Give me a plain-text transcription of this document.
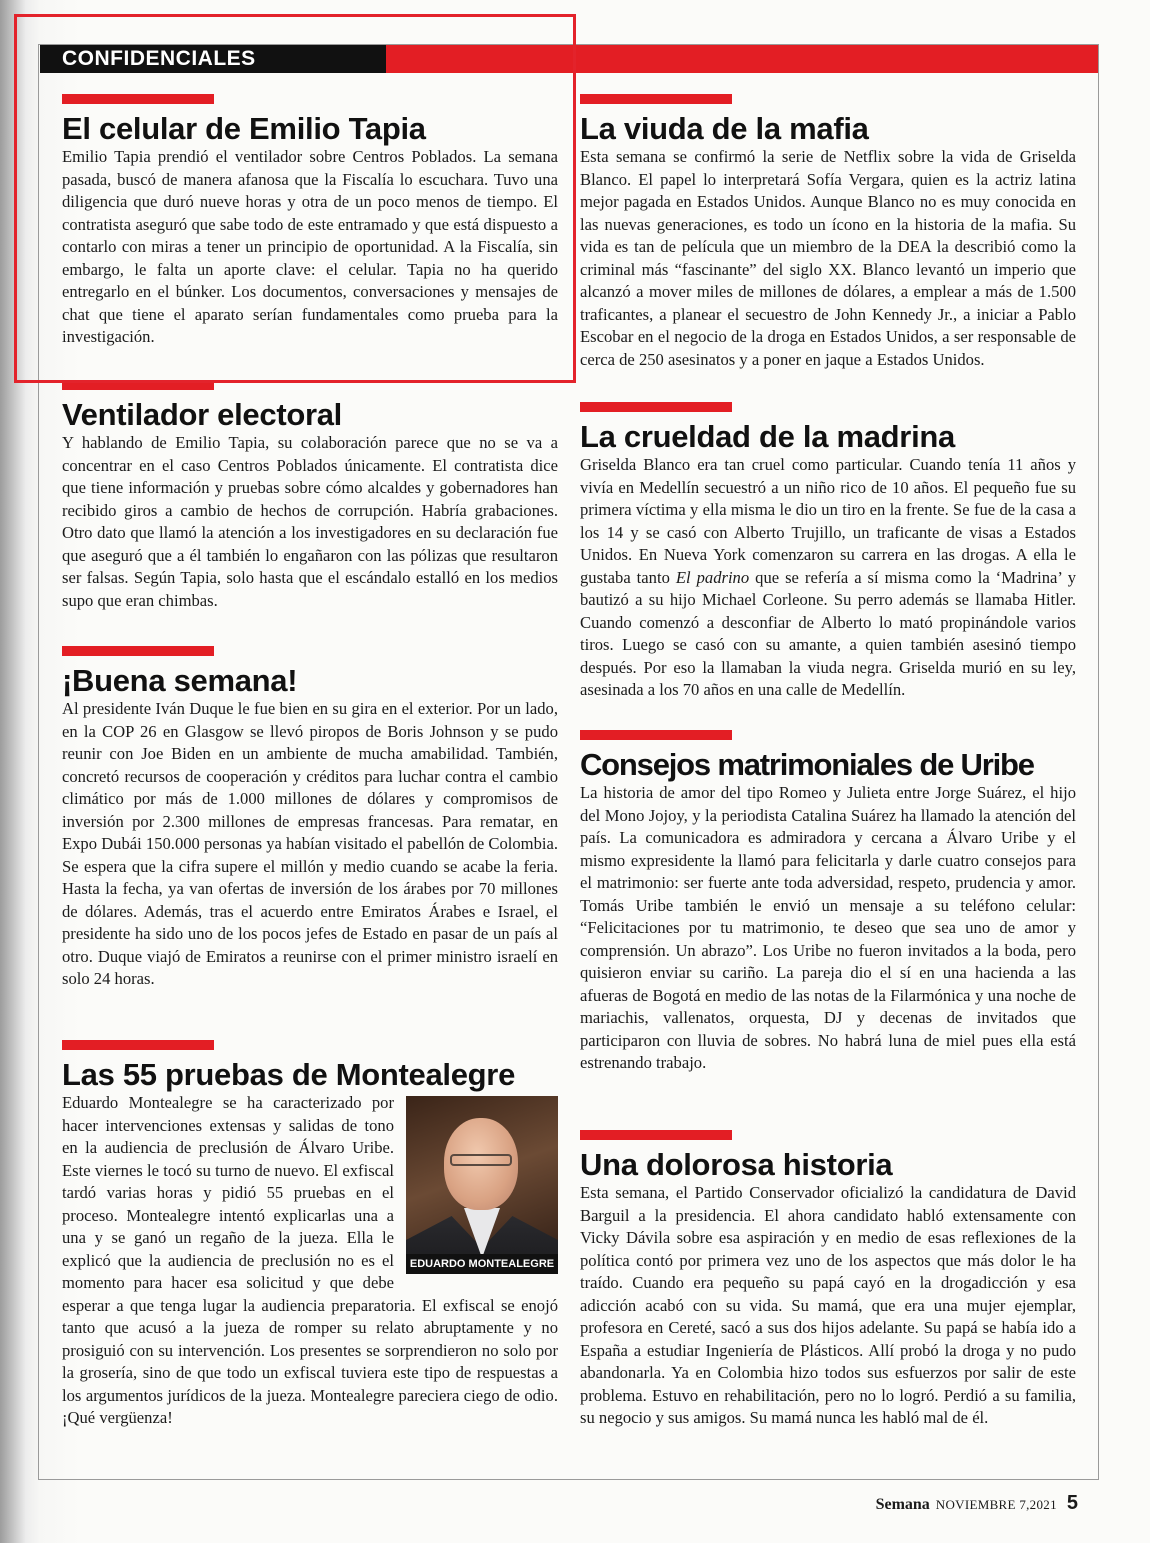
CONFIDENCIALES
El celular de Emilio Tapia

Emilio Tapia prendió el ventilador sobre Centros Poblados. La semana pasada, buscó de manera afanosa que la Fiscalía lo escuchara. Tuvo una diligencia que duró nueve horas y otra de un poco menos de tiempo. El contratista aseguró que sabe todo de este entramado y que está dispuesto a contarlo con miras a tener un principio de oportunidad. A la Fiscalía, sin embargo, le falta un aporte clave: el celular. Tapia no ha querido entregarlo en el búnker. Los documentos, conversaciones y mensajes de chat que tiene el aparato serían fundamentales como prueba para la investigación.

Ventilador electoral

Y hablando de Emilio Tapia, su colaboración parece que no se va a concentrar en el caso Centros Poblados únicamente. El contratista dice que tiene información y pruebas sobre cómo alcaldes y gobernadores han recibido giros a cambio de hechos de corrupción. Habría grabaciones. Otro dato que llamó la atención a los investigadores en su declaración fue que aseguró que a él también lo engañaron con las pólizas que resultaron ser falsas. Según Tapia, solo hasta que el escándalo estalló en los medios supo que eran chimbas.

¡Buena semana!

Al presidente Iván Duque le fue bien en su gira en el exterior. Por un lado, en la COP 26 en Glasgow se llevó piropos de Boris Johnson y se pudo reunir con Joe Biden en un ambiente de mucha amabilidad. También, concretó recursos de cooperación y créditos para luchar contra el cambio climático por más de 1.000 millones de dólares y compromisos de inversión por 2.300 millones de empresas francesas. Para rematar, en Expo Dubái 150.000 personas ya habían visitado el pabellón de Colombia. Se espera que la cifra supere el millón y medio cuando se acabe la feria. Hasta la fecha, ya van ofertas de inversión de los árabes por 70 millones de dólares. Además, tras el acuerdo entre Emiratos Árabes e Israel, el presidente ha sido uno de los pocos jefes de Estado en pasar de un país al otro. Duque viajó de Emiratos a reunirse con el primer ministro israelí en solo 24 horas.

Las 55 pruebas de Montealegre
EDUARDO MONTEALEGRE

Eduardo Montealegre se ha caracterizado por hacer intervenciones extensas y salidas de tono en la audiencia de preclusión de Álvaro Uribe. Este viernes le tocó su turno de nuevo. El exfiscal tardó varias horas y pidió 55 pruebas en el proceso. Montealegre intentó explicarlas una a una y se ganó un regaño de la jueza. Ella le explicó que la audiencia de preclusión no es el momento para hacer esa solicitud y que debe esperar a que tenga lugar la audiencia preparatoria. El exfiscal se enojó tanto que acusó a la jueza de romper su relato abruptamente y no prosiguió con su intervención. Los presentes se sorprendieron no solo por la grosería, sino de que todo un exfiscal tuviera este tipo de respuestas a los argumentos jurídicos de la jueza. Montealegre pareciera ciego de odio. ¡Qué vergüenza!

La viuda de la mafia

Esta semana se confirmó la serie de Netflix sobre la vida de Griselda Blanco. El papel lo interpretará Sofía Vergara, quien es la actriz latina mejor pagada en Estados Unidos. Aunque Blanco no es muy conocida en las nuevas generaciones, es todo un ícono en la historia de la mafia. Su vida es tan de película que un miembro de la DEA la describió como la criminal más “fascinante” del siglo XX. Blanco levantó un imperio que alcanzó a mover miles de millones de dólares, a emplear a más de 1.500 traficantes, a planear el secuestro de John Kennedy Jr., a iniciar a Pablo Escobar en el negocio de la droga en Estados Unidos, a ser responsable de cerca de 250 asesinatos y a poner en jaque a Estados Unidos.

La crueldad de la madrina

Griselda Blanco era tan cruel como particular. Cuando tenía 11 años y vivía en Medellín secuestró a un niño rico de 10 años. El pequeño fue su primera víctima y ella misma le dio un tiro en la frente. Se fue de la casa a los 14 y se casó con Alberto Trujillo, un traficante de visas a Estados Unidos. En Nueva York comenzaron su carrera en las drogas. A ella le gustaba tanto El padrino que se refería a sí misma como la ‘Madrina’ y bautizó a su hijo Michael Corleone. Su perro además se llamaba Hitler. Cuando comenzó a desconfiar de Alberto lo mató propinándole varios tiros. Luego se casó con su amante, a quien también asesinó tiempo después. Por eso la llamaban la viuda negra. Griselda murió en su ley, asesinada a los 70 años en una calle de Medellín.

Consejos matrimoniales de Uribe

La historia de amor del tipo Romeo y Julieta entre Jorge Suárez, el hijo del Mono Jojoy, y la periodista Catalina Suárez ha llamado la atención del país. La comunicadora es admiradora y cercana a Álvaro Uribe y el mismo expresidente la llamó para felicitarla y darle cuatro consejos para el matrimonio: ser fuerte ante toda adversidad, respeto, prudencia y amor. Tomás Uribe también le envió un mensaje a su teléfono celular: “Felicitaciones por tu matrimonio, te deseo que sea uno de amor y comprensión. Un abrazo”. Los Uribe no fueron invitados a la boda, pero quisieron enviar su cariño. La pareja dio el sí en una hacienda a las afueras de Bogotá en medio de las notas de la Filarmónica y una noche de mariachis, vallenatos, orquesta, DJ y decenas de invitados que participaron con lluvia de sobres. No habrá luna de miel pues ella está estrenando trabajo.

Una dolorosa historia

Esta semana, el Partido Conservador oficializó la candidatura de David Barguil a la presidencia. El ahora candidato habló extensamente con Vicky Dávila sobre esa aspiración y en medio de esas reflexiones de la política contó por primera vez uno de los aspectos que más dolor le ha traído. Cuando era pequeño su papá cayó en la drogadicción y esa adicción acabó con su vida. Su mamá, que era una mujer ejemplar, profesora en Cereté, sacó a sus dos hijos adelante. Su papá se había ido a España a estudiar Ingeniería de Plásticos. Allí probó la droga y no pudo abandonarla. Ya en Colombia hizo todos sus esfuerzos por salir de este problema. Estuvo en rehabilitación, pero no lo logró. Perdió a su familia, su negocio y sus amigos. Su mamá nunca les habló mal de él.

Semana NOVIEMBRE 7,2021 5
